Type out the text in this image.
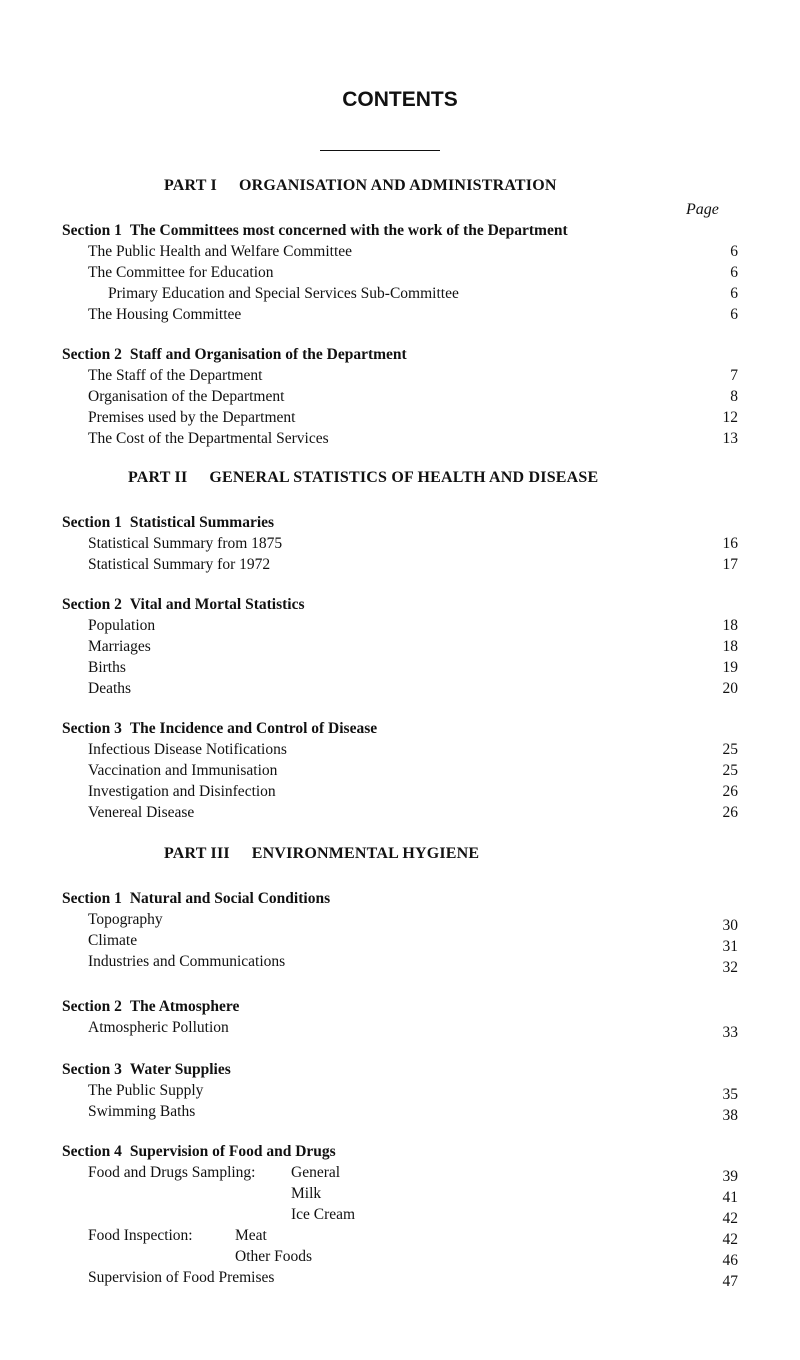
CONTENTS
PART I ORGANISATION AND ADMINISTRATION
Page
Section 1 The Committees most concerned with the work of the Department
The Public Health and Welfare Committee	6
The Committee for Education	6
Primary Education and Special Services Sub-Committee	6
The Housing Committee	6
Section 2 Staff and Organisation of the Department
The Staff of the Department	7
Organisation of the Department	8
Premises used by the Department	12
The Cost of the Departmental Services	13
PART II GENERAL STATISTICS OF HEALTH AND DISEASE
Section 1 Statistical Summaries
Statistical Summary from 1875	16
Statistical Summary for 1972	17
Section 2 Vital and Mortal Statistics
Population	18
Marriages	18
Births	19
Deaths	20
Section 3 The Incidence and Control of Disease
Infectious Disease Notifications	25
Vaccination and Immunisation	25
Investigation and Disinfection	26
Venereal Disease	26
PART III ENVIRONMENTAL HYGIENE
Section 1 Natural and Social Conditions
Topography	30
Climate	31
Industries and Communications	32
Section 2 The Atmosphere
Atmospheric Pollution	33
Section 3 Water Supplies
The Public Supply	35
Swimming Baths	38
Section 4 Supervision of Food and Drugs
Food and Drugs Sampling: General	39
Milk	41
Ice Cream	42
Food Inspection:	Meat	42
Other Foods	46
Supervision of Food Premises	47
